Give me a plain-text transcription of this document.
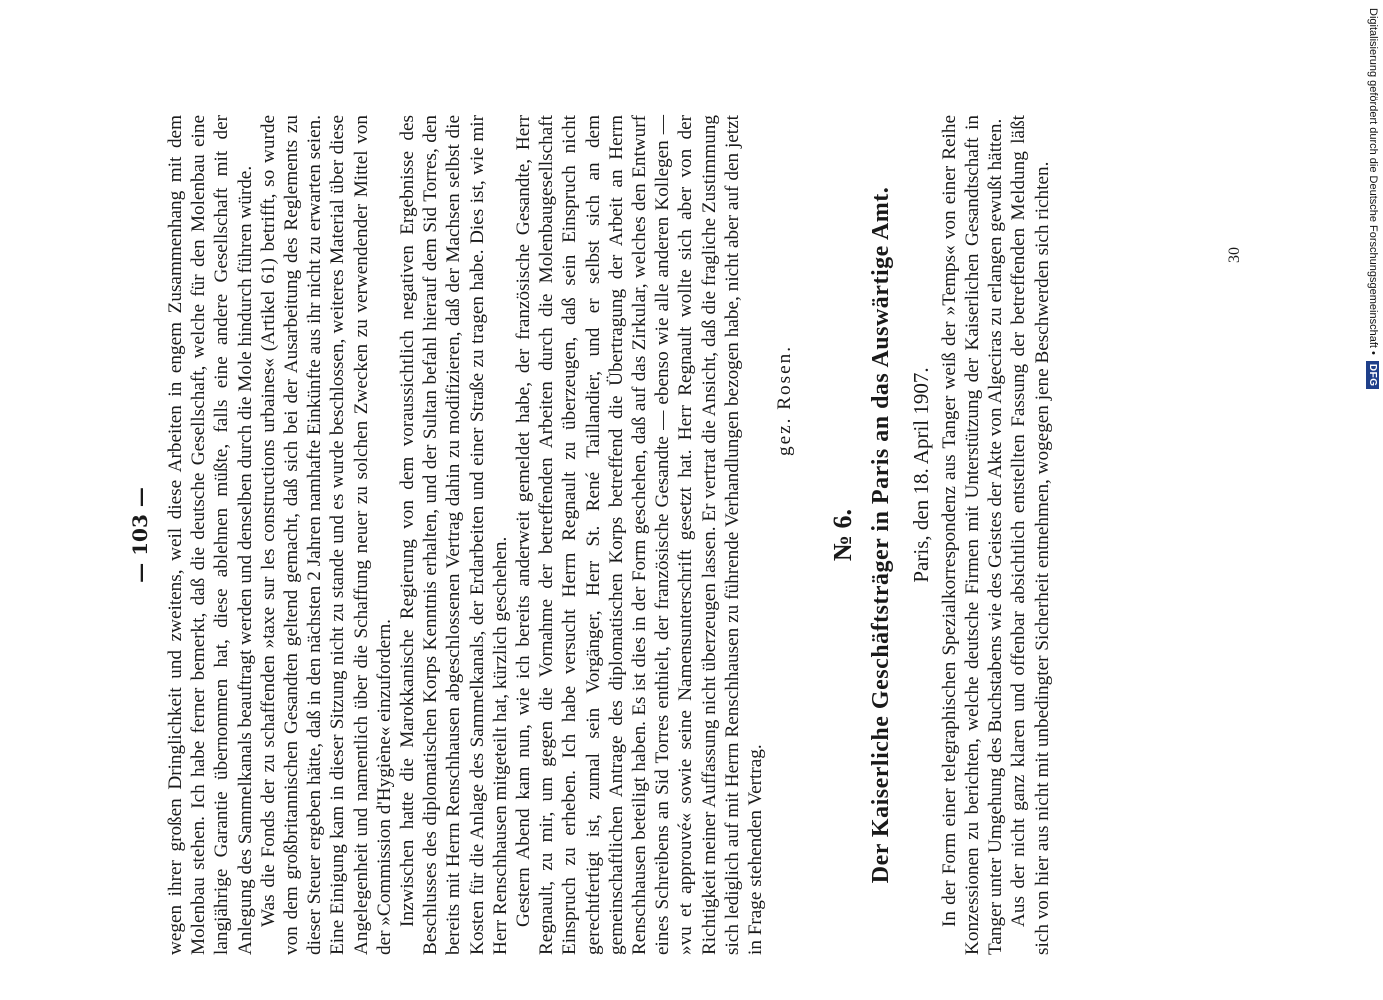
— 103 — wegen ihrer großen Dringlichkeit und zweitens, weil diese Arbeiten in engem Zusammenhang mit dem Molenbau stehen. Ich habe ferner bemerkt, daß die deutsche Gesellschaft, welche für den Molenbau eine langjährige Garantie übernommen hat, diese ablehnen müßte, falls eine andere Gesellschaft mit der Anlegung des Sammelkanals beauftragt werden und denselben durch die Mole hindurch führen würde. Was die Fonds der zu schaffenden »taxe sur les constructions urbaines« (Artikel 61) betrifft, so wurde von dem großbritannischen Gesandten geltend gemacht, daß sich bei der Ausarbeitung des Reglements zu dieser Steuer ergeben hätte, daß in den nächsten 2 Jahren namhafte Einkünfte aus ihr nicht zu erwarten seien. Eine Einigung kam in dieser Sitzung nicht zu stande und es wurde beschlossen, weiteres Material über diese Angelegenheit und namentlich über die Schaffung neuer zu solchen Zwecken zu verwendender Mittel von der »Commission d'Hygiène« einzufordern. Inzwischen hatte die Marokkanische Regierung von dem voraussichtlich negativen Ergebnisse des Beschlusses des diplomatischen Korps Kenntnis erhalten, und der Sultan befahl hierauf dem Sid Torres, den bereits mit Herrn Renschhausen abgeschlossenen Vertrag dahin zu modifizieren, daß der Machsen selbst die Kosten für die Anlage des Sammelkanals, der Erdarbeiten und einer Straße zu tragen habe. Dies ist, wie mir Herr Renschhausen mitgeteilt hat, kürzlich geschehen. Gestern Abend kam nun, wie ich bereits anderweit gemeldet habe, der französische Gesandte, Herr Regnault, zu mir, um gegen die Vornahme der betreffenden Arbeiten durch die Molenbaugesellschaft Einspruch zu erheben. Ich habe versucht Herrn Regnault zu überzeugen, daß sein Einspruch nicht gerechtfertigt ist, zumal sein Vorgänger, Herr St. René Taillandier, und er selbst sich an dem gemeinschaftlichen Antrage des diplomatischen Korps betreffend die Übertragung der Arbeit an Herrn Renschhausen beteiligt haben. Es ist dies in der Form geschehen, daß auf das Zirkular, welches den Entwurf eines Schreibens an Sid Torres enthielt, der französische Gesandte — ebenso wie alle anderen Kollegen — »vu et approuvé« sowie seine Namensunterschrift gesetzt hat. Herr Regnault wollte sich aber von der Richtigkeit meiner Auffassung nicht überzeugen lassen. Er vertrat die Ansicht, daß die fragliche Zustimmung sich lediglich auf mit Herrn Renschhausen zu führende Verhandlungen bezogen habe, nicht aber auf den jetzt in Frage stehenden Vertrag.

gez. Rosen.

№ 6. Der Kaiserliche Geschäftsträger in Paris an das Auswärtige Amt. Paris, den 18. April 1907. In der Form einer telegraphischen Spezialkorrespondenz aus Tanger weiß der »Temps« von einer Reihe Konzessionen zu berichten, welche deutsche Firmen mit Unterstützung der Kaiserlichen Gesandtschaft in Tanger unter Umgehung des Buchstabens wie des Geistes der Akte von Algeciras zu erlangen gewußt hätten. Aus der nicht ganz klaren und offenbar absichtlich entstellten Fassung der betreffenden Meldung läßt sich von hier aus nicht mit unbedingter Sicherheit entnehmen, wogegen jene Beschwerden sich richten.	30	Digitalisierung gefördert durch die Deutsche Forschungsgemeinschaft •
DFG
